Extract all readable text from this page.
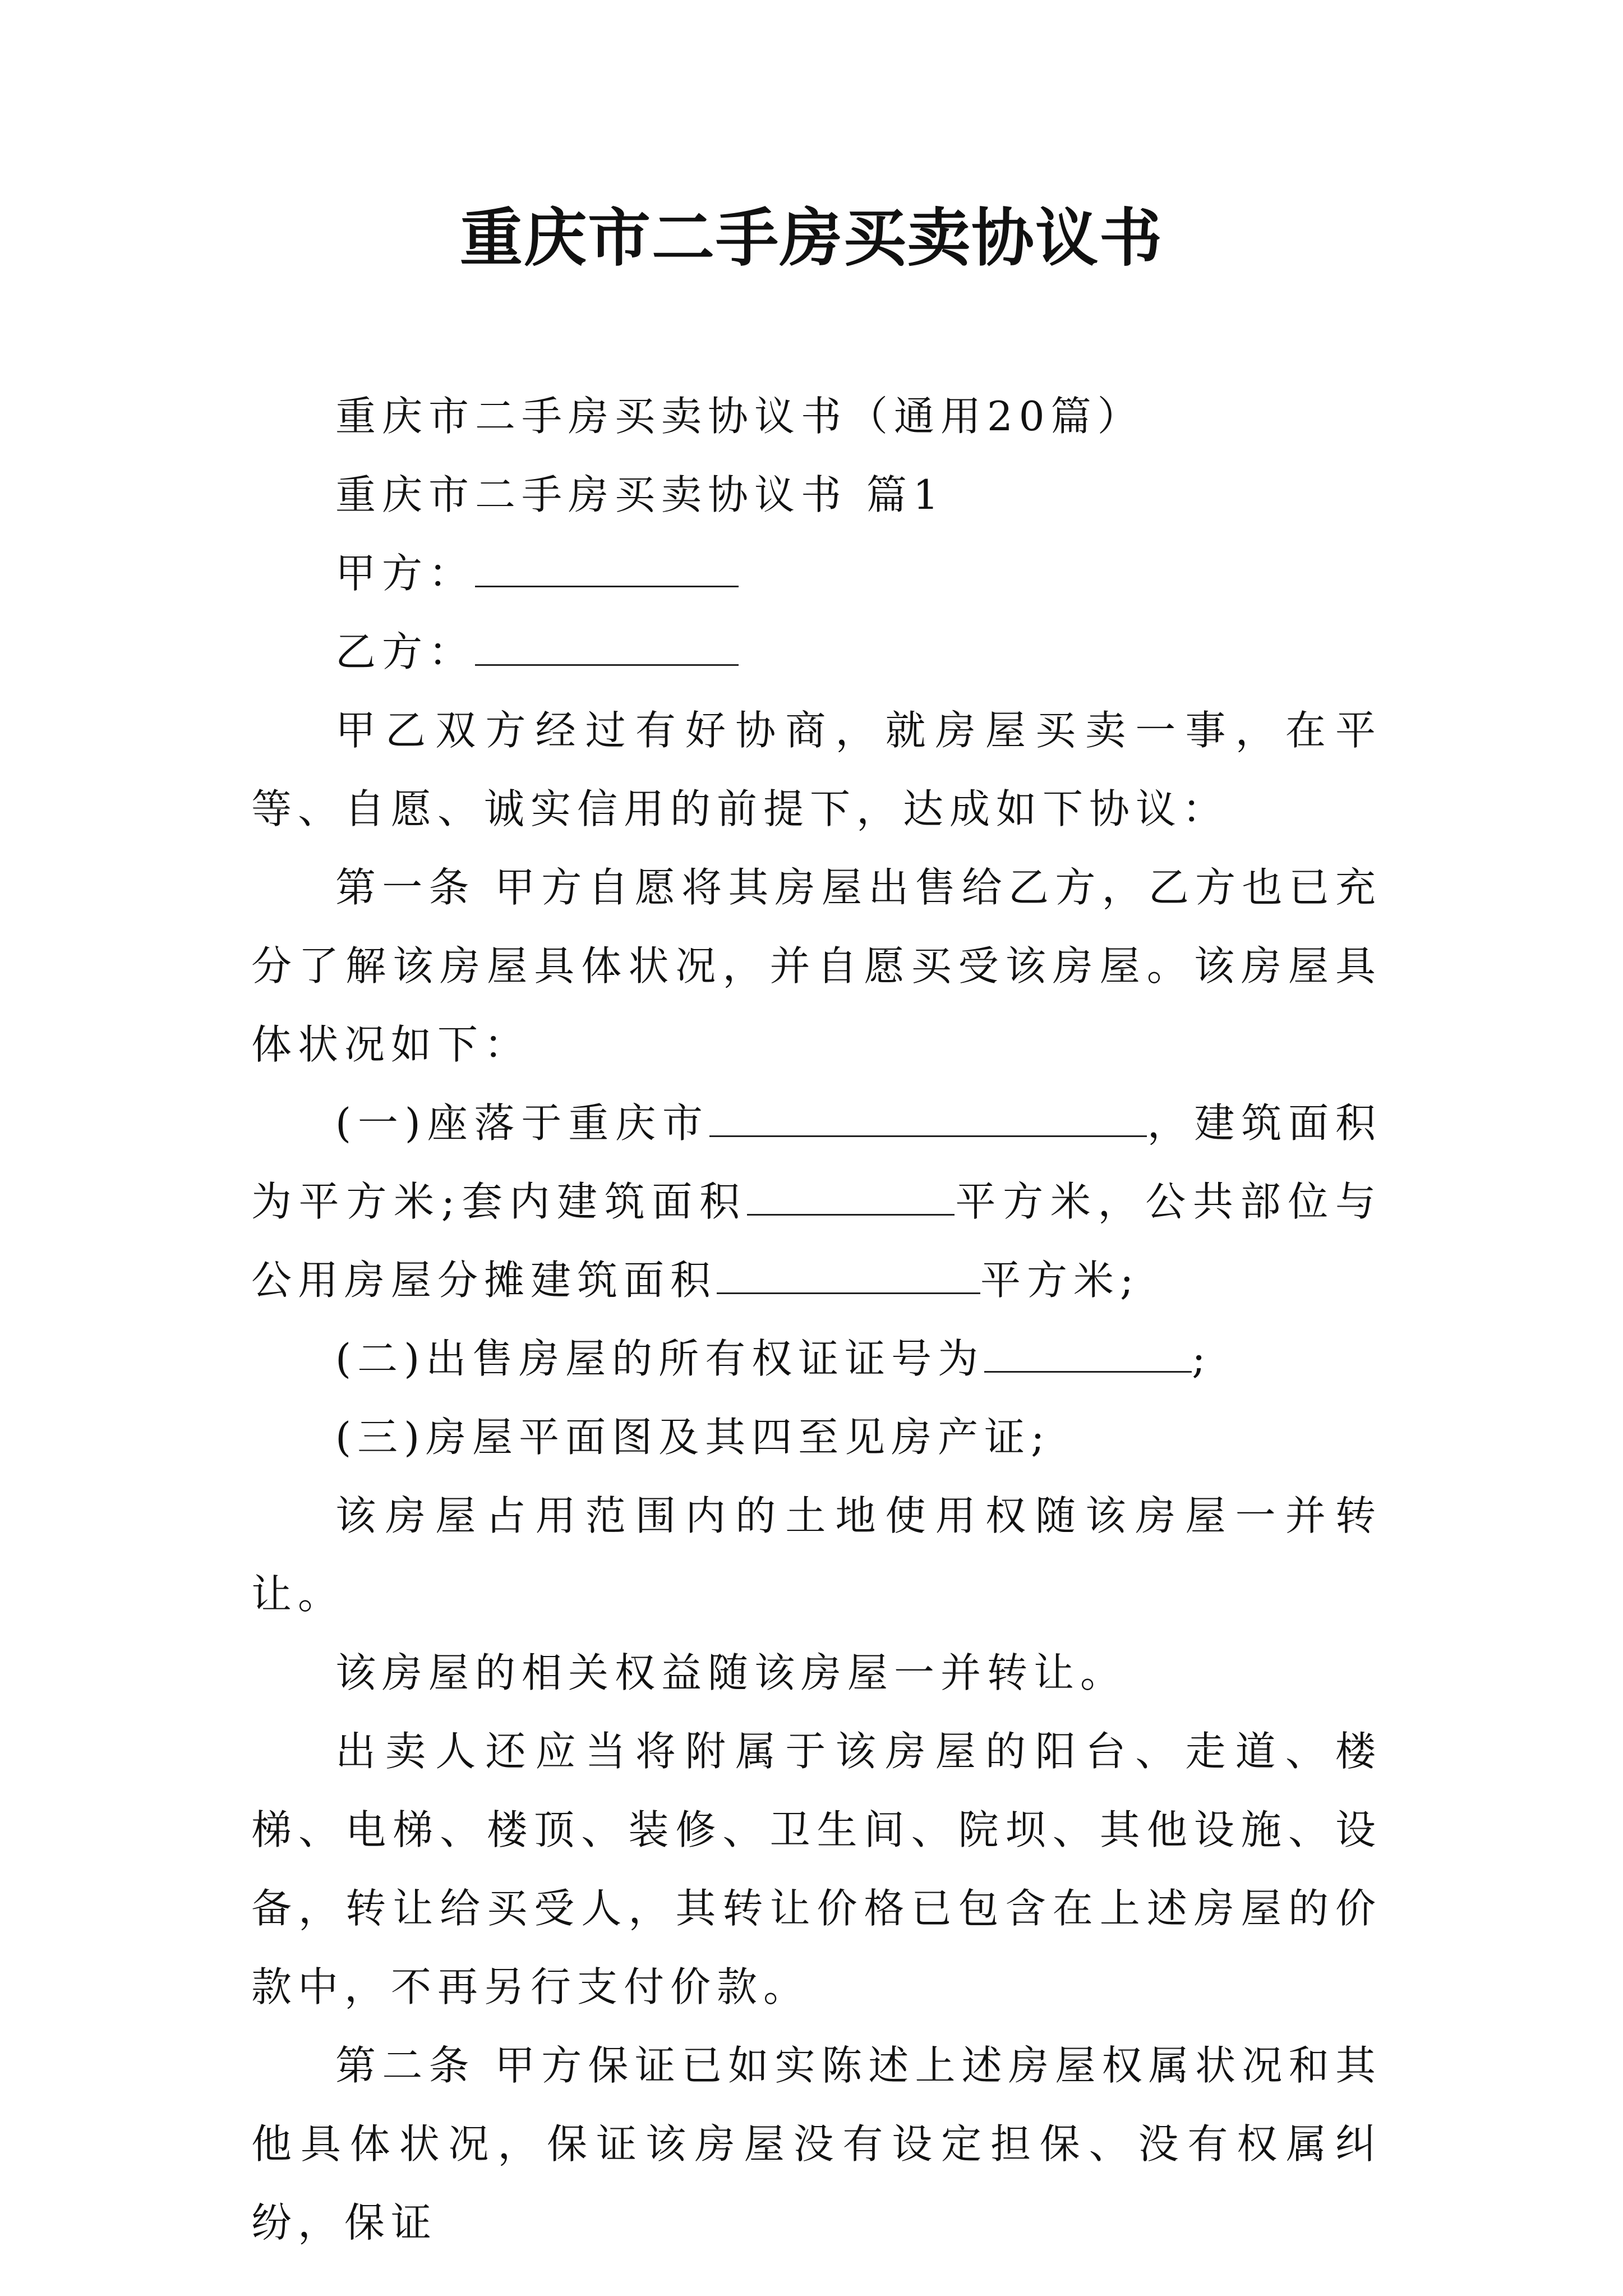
重庆市二手房买卖协议书

重庆市二手房买卖协议书（通用20篇）

重庆市二手房买卖协议书 篇1

甲方：

乙方：

甲乙双方经过有好协商，就房屋买卖一事，在平等、自愿、诚实信用的前提下，达成如下协议：

第一条 甲方自愿将其房屋出售给乙方，乙方也已充分了解该房屋具体状况，并自愿买受该房屋。该房屋具体状况如下：

(一)座落于重庆市	，建筑面积为平方米;套内建筑面积	平方米，公共部位与公用房屋分摊建筑面积	平方米;

(二)出售房屋的所有权证证号为	;

(三)房屋平面图及其四至见房产证;

该房屋占用范围内的土地使用权随该房屋一并转让。

该房屋的相关权益随该房屋一并转让。

出卖人还应当将附属于该房屋的阳台、走道、楼梯、电梯、楼顶、装修、卫生间、院坝、其他设施、设备，转让给买受人，其转让价格已包含在上述房屋的价款中，不再另行支付价款。

第二条 甲方保证已如实陈述上述房屋权属状况和其他具体状况，保证该房屋没有设定担保、没有权属纠纷，保证
